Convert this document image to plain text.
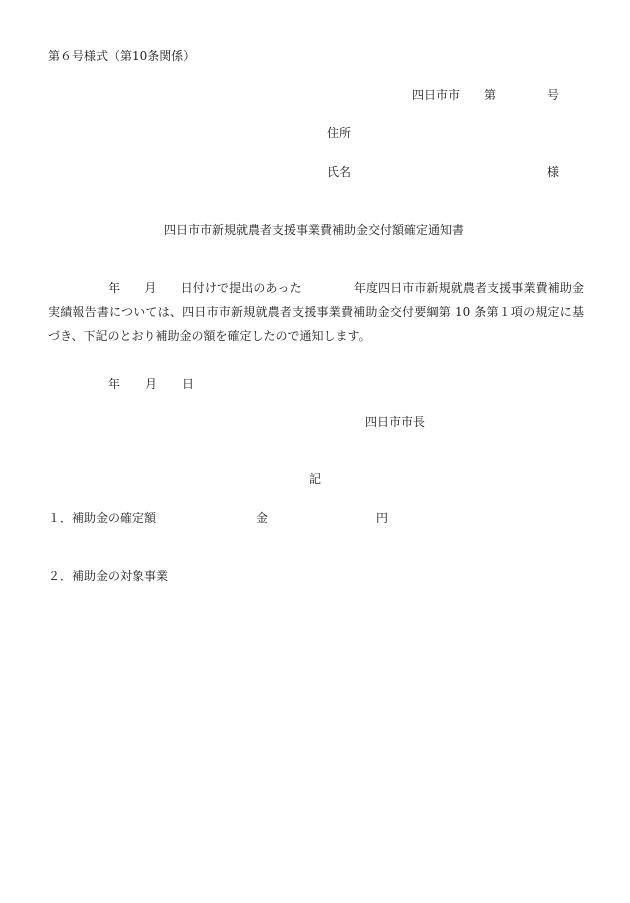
第６号様式（第10条関係）
四日市市 第	号
住所
氏名	様
四日市市新規就農者支援事業費補助金交付額確定通知書
年 月 日付けで提出のあった	年度四日市市新規就農者支援事業費補助金実績報告書については、四日市市新規就農者支援事業費補助金交付要綱第 10 条第１項の規定に基づき、下記のとおり補助金の額を確定したので通知します。
年 月 日
四日市市長
記
１．補助金の確定額	金	円
２．補助金の対象事業
